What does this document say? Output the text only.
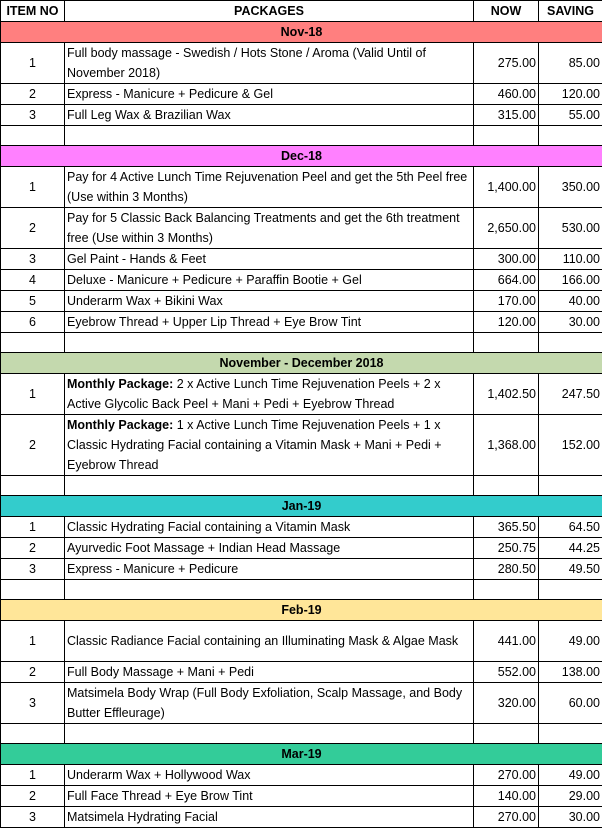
ITEM NO	PACKAGES	NOW	SAVING
Nov-18			
1	Full body massage - Swedish / Hots Stone / Aroma (Valid Until of November 2018)	275.00	85.00
2	Express - Manicure + Pedicure & Gel	460.00	120.00
3	Full Leg Wax & Brazilian Wax	315.00	55.00

Dec-18			
1	Pay for 4 Active Lunch Time Rejuvenation Peel and get the 5th Peel free (Use within 3 Months)	1,400.00	350.00
2	Pay for 5 Classic Back Balancing Treatments and get the 6th treatment free (Use within 3 Months)	2,650.00	530.00
3	Gel Paint - Hands & Feet	300.00	110.00
4	Deluxe - Manicure + Pedicure + Paraffin Bootie + Gel	664.00	166.00
5	Underarm Wax + Bikini Wax	170.00	40.00
6	Eyebrow Thread + Upper Lip Thread + Eye Brow Tint	120.00	30.00

November - December 2018			
1	Monthly Package: 2 x Active Lunch Time Rejuvenation Peels + 2 x Active Glycolic Back Peel + Mani + Pedi + Eyebrow Thread	1,402.50	247.50
2	Monthly Package: 1 x Active Lunch Time Rejuvenation Peels + 1 x Classic Hydrating Facial containing a Vitamin Mask + Mani + Pedi + Eyebrow Thread	1,368.00	152.00

Jan-19			
1	Classic Hydrating Facial containing a Vitamin Mask	365.50	64.50
2	Ayurvedic Foot Massage + Indian Head Massage	250.75	44.25
3	Express - Manicure + Pedicure	280.50	49.50

Feb-19			
1	Classic Radiance Facial containing an Illuminating Mask & Algae Mask	441.00	49.00
2	Full Body Massage + Mani + Pedi	552.00	138.00
3	Matsimela Body Wrap (Full Body Exfoliation, Scalp Massage, and Body Butter Effleurage)	320.00	60.00

Mar-19			
1	Underarm Wax + Hollywood Wax	270.00	49.00
2	Full Face Thread + Eye Brow Tint	140.00	29.00
3	Matsimela Hydrating Facial	270.00	30.00
